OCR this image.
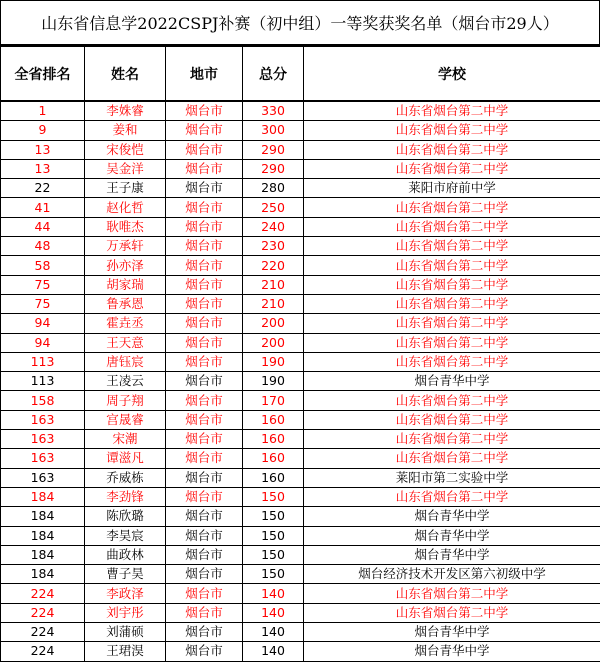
山东省信息学2022CSPJ补赛（初中组）一等奖获奖名单（烟台市29人）
全省排名	姓名	地市	总分	学校
1	李姝睿	烟台市	330	山东省烟台第二中学
9	姜和	烟台市	300	山东省烟台第二中学
13	宋俊恺	烟台市	290	山东省烟台第二中学
13	吴金洋	烟台市	290	山东省烟台第二中学
22	王子康	烟台市	280	莱阳市府前中学
41	赵化哲	烟台市	250	山东省烟台第二中学
44	耿唯杰	烟台市	240	山东省烟台第二中学
48	万承轩	烟台市	230	山东省烟台第二中学
58	孙亦泽	烟台市	220	山东省烟台第二中学
75	胡家瑞	烟台市	210	山东省烟台第二中学
75	鲁承恩	烟台市	210	山东省烟台第二中学
94	霍垚丞	烟台市	200	山东省烟台第二中学
94	王天意	烟台市	200	山东省烟台第二中学
113	唐钰宸	烟台市	190	山东省烟台第二中学
113	王凌云	烟台市	190	烟台青华中学
158	周子翔	烟台市	170	山东省烟台第二中学
163	宫晟睿	烟台市	160	山东省烟台第二中学
163	宋潮	烟台市	160	山东省烟台第二中学
163	谭滋凡	烟台市	160	山东省烟台第二中学
163	乔威栋	烟台市	160	莱阳市第二实验中学
184	李劲锋	烟台市	150	山东省烟台第二中学
184	陈欣璐	烟台市	150	烟台青华中学
184	李昊宸	烟台市	150	烟台青华中学
184	曲政林	烟台市	150	烟台青华中学
184	曹子昊	烟台市	150	烟台经济技术开发区第六初级中学
224	李政泽	烟台市	140	山东省烟台第二中学
224	刘宇彤	烟台市	140	山东省烟台第二中学
224	刘蒲硕	烟台市	140	烟台青华中学
224	王珺淏	烟台市	140	烟台青华中学
